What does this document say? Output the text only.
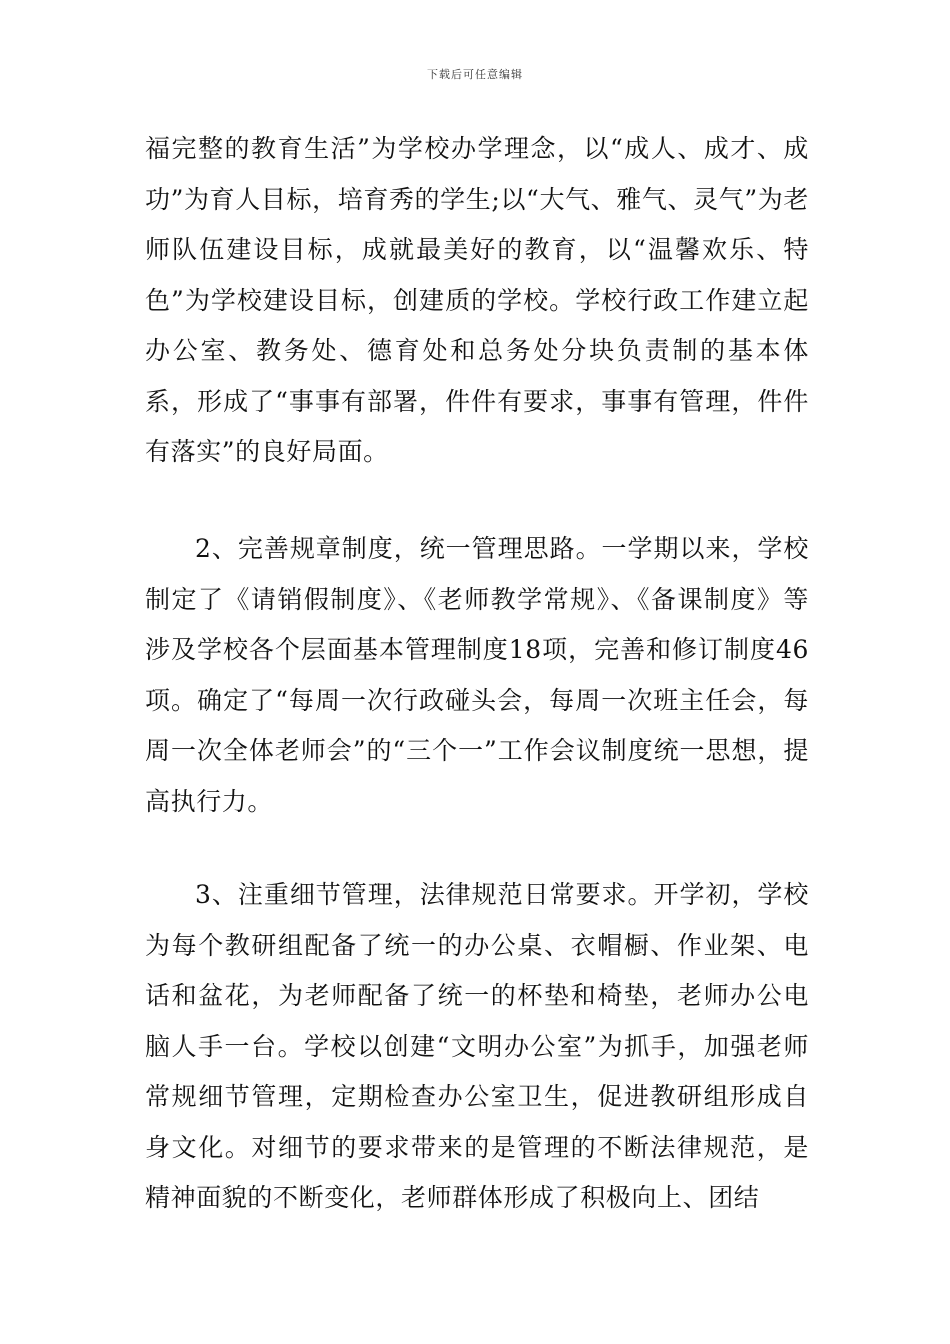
下载后可任意编辑

福完整的教育生活”为学校办学理念，以“成人、成才、成功”为育人目标，培育秀的学生;以“大气、雅气、灵气”为老师队伍建设目标，成就最美好的教育，以“温馨欢乐、特色”为学校建设目标，创建质的学校。学校行政工作建立起办公室、教务处、德育处和总务处分块负责制的基本体系，形成了“事事有部署，件件有要求，事事有管理，件件有落实”的良好局面。

2、完善规章制度，统一管理思路。一学期以来，学校制定了《请销假制度》、《老师教学常规》、《备课制度》等涉及学校各个层面基本管理制度18项，完善和修订制度46项。确定了“每周一次行政碰头会，每周一次班主任会，每周一次全体老师会”的“三个一”工作会议制度统一思想，提高执行力。

3、注重细节管理，法律规范日常要求。开学初，学校为每个教研组配备了统一的办公桌、衣帽橱、作业架、电话和盆花，为老师配备了统一的杯垫和椅垫，老师办公电脑人手一台。学校以创建“文明办公室”为抓手，加强老师常规细节管理，定期检查办公室卫生，促进教研组形成自身文化。对细节的要求带来的是管理的不断法律规范，是精神面貌的不断变化，老师群体形成了积极向上、团结
